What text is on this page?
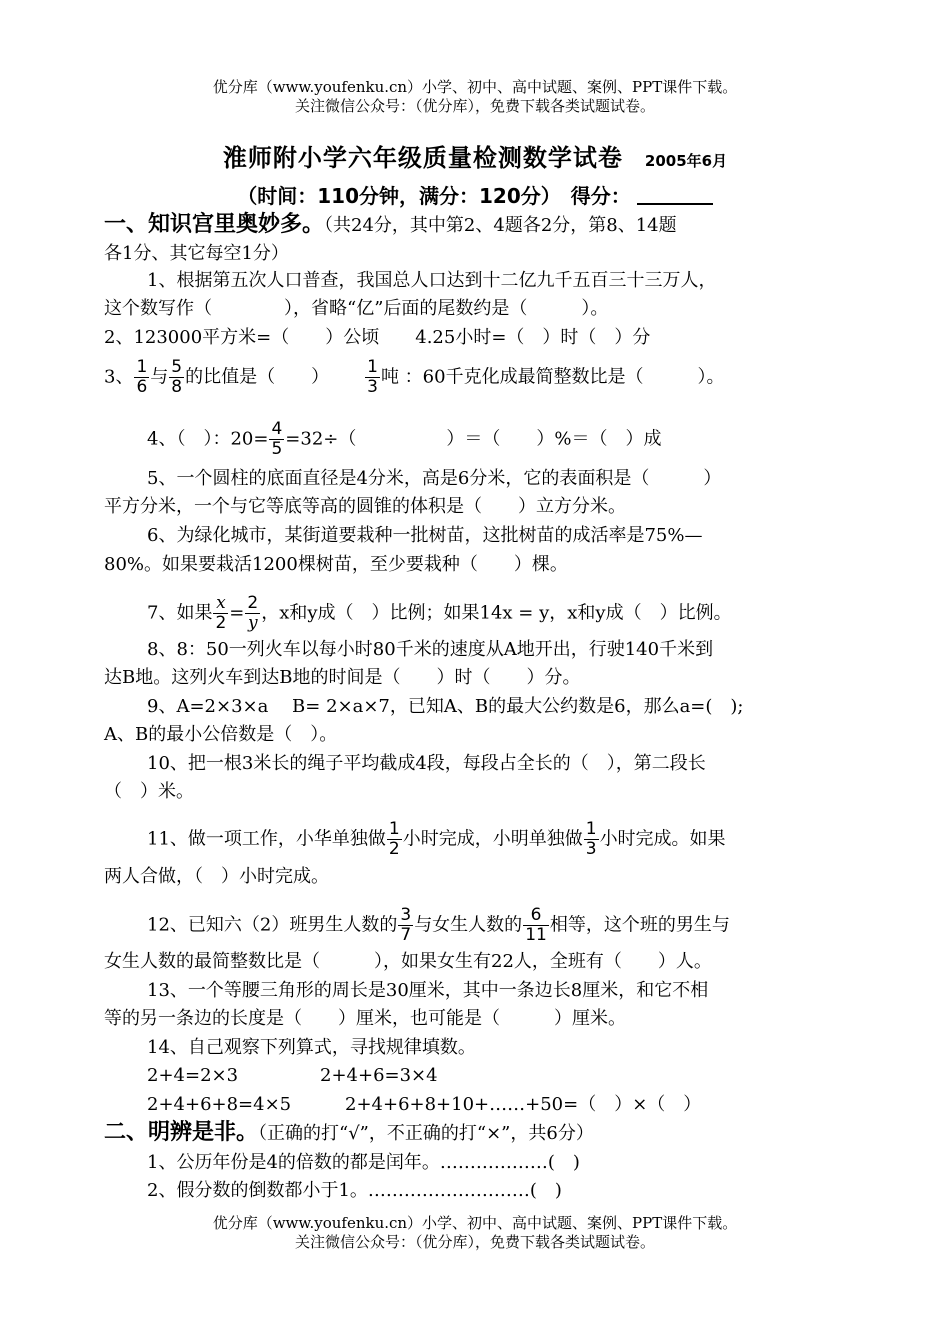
优分库（www.youfenku.cn）小学、初中、高中试题、案例、PPT课件下载。
关注微信公众号：（优分库），免费下载各类试题试卷。
淮师附小学六年级质量检测数学试卷 2005年6月
（时间：110分钟，满分：120分）　得分：
一、知识宫里奥妙多。（共24分，其中第2、4题各2分，第8、14题
各1分、其它每空1分）
1、根据第五次人口普查，我国总人口达到十二亿九千五百三十三万人，
这个数写作（　　　　），省略“亿”后面的尾数约是（　　　）。
2、123000平方米=（　　）公顷　　4.25小时=（　）时（　）分
3、 $\frac{1}{6}$ 与 $\frac{5}{8}$ 的比值是（　　）　 $\frac{1}{3}$ 吨 ：60千克化成最简整数比是（　　　）。
4、（　）：$20= \frac{4}{5} =32\div$（　　　　　）＝（　　）%＝（　）成
5、一个圆柱的底面直径是4分米，高是6分米，它的表面积是（　　　）
平方分米，一个与它等底等高的圆锥的体积是（　　）立方分米。
6、为绿化城市，某街道要栽种一批树苗，这批树苗的成活率是75%—
80%。如果要栽活1200棵树苗，至少要栽种（　　）棵。
7、如果 $\frac{x}{2} = \frac{2}{y}$ ，x和y成（　）比例；如果14x = y，x和y成（　）比例。
8、8：50一列火车以每小时80千米的速度从A地开出，行驶140千米到
达B地。这列火车到达B地的时间是（　　）时（　　）分。
9、A=2×3×a　 B= 2×a×7，已知A、B的最大公约数是6，那么a=(　);
A、B的最小公倍数是（　）。
10、把一根3米长的绳子平均截成4段，每段占全长的（　），第二段长
（　）米。
11、做一项工作，小华单独做 $\frac{1}{2}$ 小时完成，小明单独做 $\frac{1}{3}$ 小时完成。如果
两人合做，（　）小时完成。
12、已知六（2）班男生人数的 $\frac{3}{7}$ 与女生人数的 $\frac{6}{11}$ 相等，这个班的男生与
女生人数的最简整数比是（　　　），如果女生有22人，全班有（　　）人。
13、一个等腰三角形的周长是30厘米，其中一条边长8厘米，和它不相
等的另一条边的长度是（　　）厘米，也可能是（　　　）厘米。
14、自己观察下列算式，寻找规律填数。
2+4=2×3	2+4+6=3×4
2+4+6+8=4×5	2+4+6+8+10+……+50=（　）×（　）
二、明辨是非。（正确的打“√”，不正确的打“×”，共6分）
1、公历年份是4的倍数的都是闰年。………………(　)
2、假分数的倒数都小于1。………………………(　)
优分库（www.youfenku.cn）小学、初中、高中试题、案例、PPT课件下载。
关注微信公众号：（优分库），免费下载各类试题试卷。
